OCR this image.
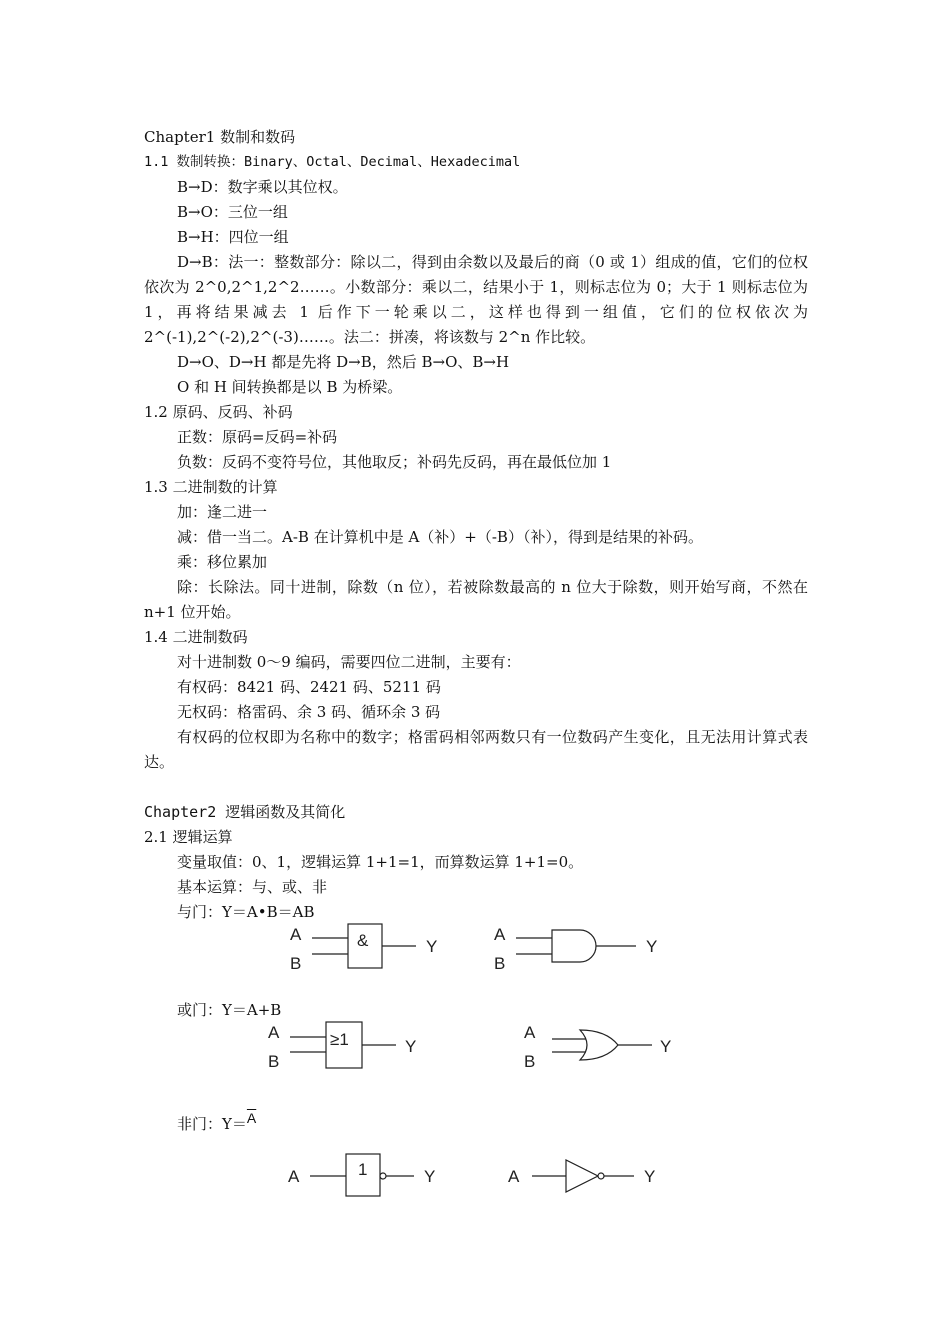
Chapter1 数制和数码
1.1 数制转换：Binary、Octal、Decimal、Hexadecimal
B→D：数字乘以其位权。
B→O：三位一组
B→H：四位一组
D→B：法一：整数部分：除以二，得到由余数以及最后的商（0 或 1）组成的值，它们的位权依次为 2^0,2^1,2^2……。小数部分：乘以二，结果小于 1，则标志位为 0；大于 1 则标志位为 1，再将结果减去 1 后作下一轮乘以二，这样也得到一组值，它们的位权依次为 2^(-1),2^(-2),2^(-3)……。法二：拼凑，将该数与 2^n 作比较。
D→O、D→H 都是先将 D→B，然后 B→O、B→H
O 和 H 间转换都是以 B 为桥梁。
1.2 原码、反码、补码
正数：原码=反码=补码
负数：反码不变符号位，其他取反；补码先反码，再在最低位加 1
1.3 二进制数的计算
加：逢二进一
减：借一当二。A-B 在计算机中是 A（补）+（-B）（补），得到是结果的补码。
乘：移位累加
除：长除法。同十进制，除数（n 位），若被除数最高的 n 位大于除数，则开始写商，不然在 n+1 位开始。
1.4 二进制数码
对十进制数 0～9 编码，需要四位二进制，主要有：
有权码：8421 码、2421 码、5211 码
无权码：格雷码、余 3 码、循环余 3 码
有权码的位权即为名称中的数字；格雷码相邻两数只有一位数码产生变化，且无法用计算式表达。
Chapter2 逻辑函数及其简化
2.1 逻辑运算
变量取值：0、1，逻辑运算 1+1=1，而算数运算 1+1=0。
基本运算：与、或、非
与门：Y＝A•B＝AB
A
B
&	Y
A
B
Y
或门：Y＝A+B
A
B
≥1	Y
A
B
Y
非门：$Y=\overline{A}$
A	1	Y	A	Y
